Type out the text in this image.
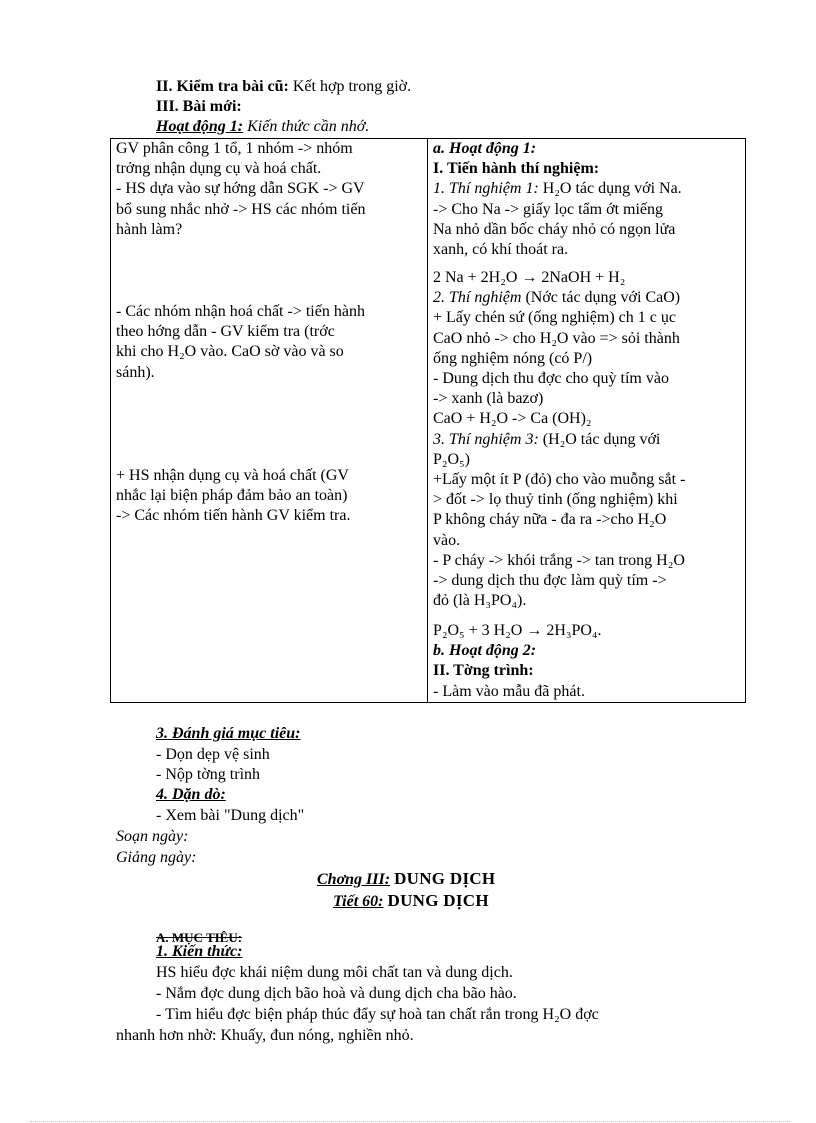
II. Kiểm tra bài cũ: Kết hợp trong giờ.
III. Bài mới:
Hoạt động 1: Kiến thức cần nhớ.
GV phân công 1 tổ, 1 nhóm -> nhóm
trởng nhận dụng cụ và hoá chất.
- HS dựa vào sự hớng dẫn SGK -> GV
bổ sung nhắc nhở -> HS các nhóm tiến
hành làm?
- Các nhóm nhận hoá chất -> tiến hành
theo hớng dẫn - GV kiểm tra (trớc
khi cho H₂O vào. CaO sờ vào và so
sánh).
+ HS nhận dụng cụ và hoá chất (GV
nhắc lại biện pháp đảm bảo an toàn)
-> Các nhóm tiến hành GV kiểm tra.
a. Hoạt động 1:
I. Tiến hành thí nghiệm:
1. Thí nghiệm 1: H₂O tác dụng với Na.
-> Cho Na -> giấy lọc tẩm ớt miếng
Na nhỏ dần bốc cháy nhỏ có ngọn lửa
xanh, có khí thoát ra.
2 Na + 2H₂O → 2NaOH + H₂
2. Thí nghiệm (Nớc tác dụng với CaO)
+ Lấy chén sứ (ống nghiệm) ch 1 c ục
CaO nhỏ -> cho H₂O vào => sỏi thành
ống nghiệm nóng (có P/)
- Dung dịch thu đợc cho quỳ tím vào
-> xanh (là bazơ)
CaO + H₂O -> Ca (OH)₂
3. Thí nghiệm 3: (H₂O tác dụng với
P₂O₅)
+Lấy một ít P (đỏ) cho vào muỗng sắt -
> đốt -> lọ thuỷ tinh (ống nghiệm) khi
P không cháy nữa - đa ra ->cho H₂O
vào.
- P cháy -> khói trắng -> tan trong H₂O
-> dung dịch thu đợc làm quỳ tím ->
đỏ (là H₃PO₄).
P₂O₅ + 3 H₂O → 2H₃PO₄.
b. Hoạt động 2:
II. Tờng trình:
- Làm vào mẫu đã phát.
3. Đánh giá mục tiêu:
- Dọn dẹp vệ sinh
- Nộp tờng trình
4. Dặn dò:
- Xem bài "Dung dịch"
Soạn ngày:
Giảng ngày:
Chơng III: DUNG DỊCH
Tiết 60: DUNG DỊCH
A. MỤC TIÊU:
1. Kiến thức:
HS hiểu đợc khái niệm dung môi chất tan và dung dịch.
- Nắm đợc dung dịch bão hoà và dung dịch cha bão hào.
- Tìm hiểu đợc biện pháp thúc đẩy sự hoà tan chất rắn trong H₂O đợc
nhanh hơn nhờ: Khuấy, đun nóng, nghiền nhỏ.
